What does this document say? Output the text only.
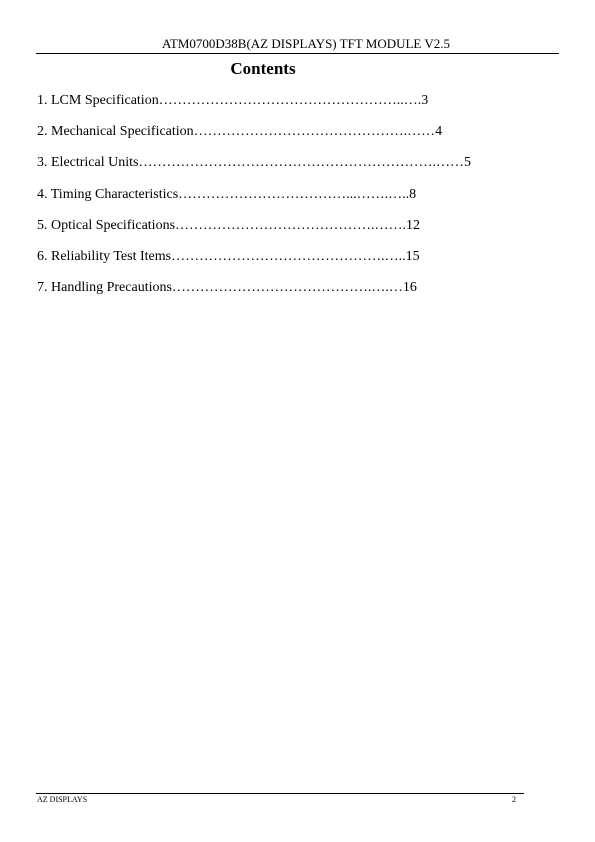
ATM0700D38B(AZ DISPLAYS) TFT MODULE V2.5
Contents
1. LCM Specification……………………………………………..….3
2. Mechanical Specification……………………………………….……4
3. Electrical Units……………………………………………………….……5
4. Timing Characteristics………………………………...…….…..8
5. Optical Specifications…………………………………….…….12
6. Reliability Test Items……………………………………….…..15
7. Handling Precautions…………………………………….….…16
AZ DISPLAYS	2
